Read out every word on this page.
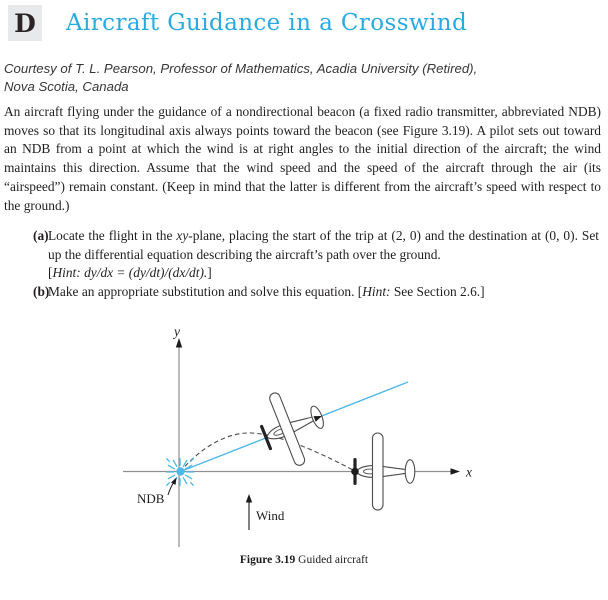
D Aircraft Guidance in a Crosswind
Courtesy of T. L. Pearson, Professor of Mathematics, Acadia University (Retired),
Nova Scotia, Canada

An aircraft flying under the guidance of a nondirectional beacon (a fixed radio transmitter, abbreviated NDB) moves so that its longitudinal axis always points toward the beacon (see Figure 3.19). A pilot sets out toward an NDB from a point at which the wind is at right angles to the initial direction of the aircraft; the wind maintains this direction. Assume that the wind speed and the speed of the aircraft through the air (its “airspeed”) remain constant. (Keep in mind that the latter is different from the aircraft’s speed with respect to the ground.)

(a) Locate the flight in the xy-plane, placing the start of the trip at (2, 0) and the destination at (0, 0). Set up the differential equation describing the aircraft’s path over the ground.
[Hint: dy/dx = (dy/dt)/(dx/dt).]
(b)
Make an appropriate substitution and solve this equation. [Hint: See Section 2.6.]
NDB
Wind
y
x
Figure 3.19 Guided aircraft
